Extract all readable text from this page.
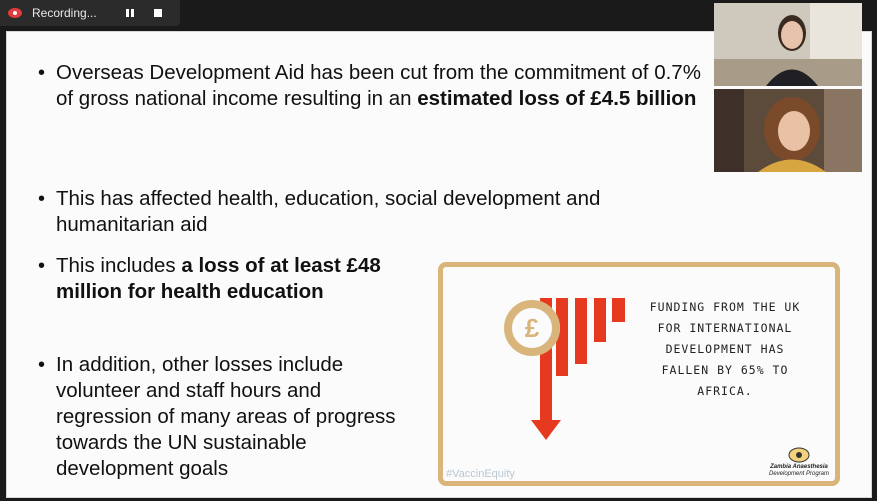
Recording...
• Overseas Development Aid has been cut from the commitment of 0.7% of gross national income resulting in an estimated loss of £4.5 billion
• This has affected health, education, social development and humanitarian aid
• This includes a loss of at least £48 million for health education
• In addition, other losses include volunteer and staff hours and regression of many areas of progress towards the UN sustainable development goals
£
FUNDING FROM THE UK FOR INTERNATIONAL DEVELOPMENT HAS FALLEN BY 65% TO AFRICA.
#VaccinEquity
Zambia Anaesthesia
Development Program
